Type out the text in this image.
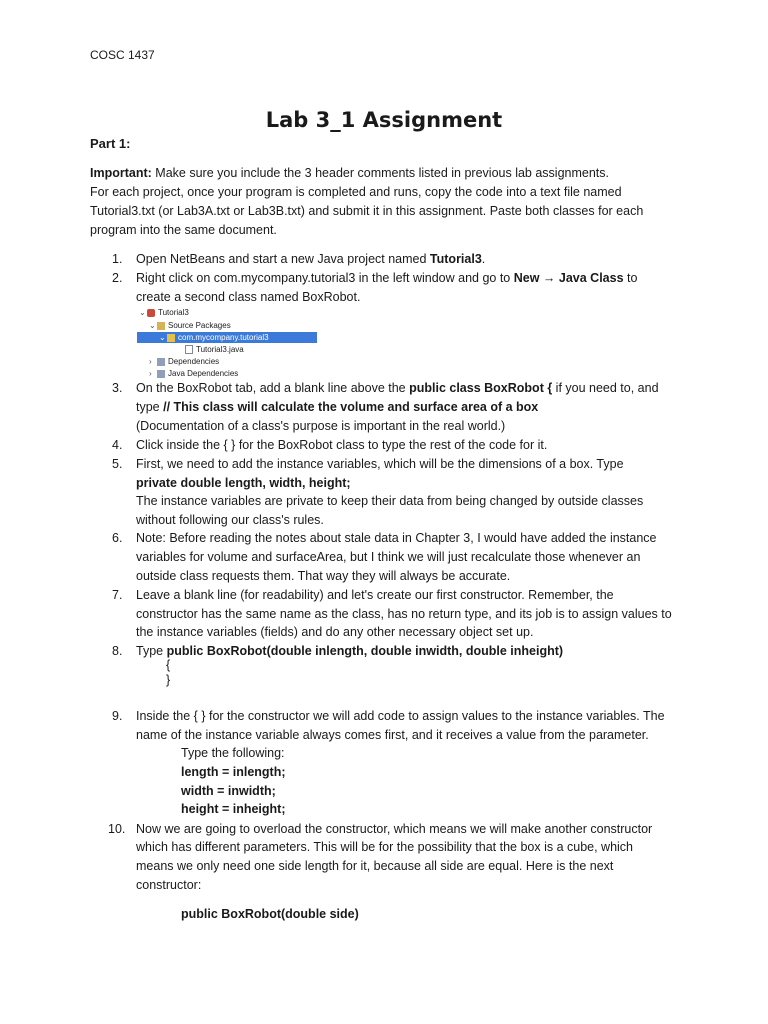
COSC 1437
Lab 3_1 Assignment
Part 1:
Important: Make sure you include the 3 header comments listed in previous lab assignments.
For each project, once your program is completed and runs, copy the code into a text file named
Tutorial3.txt (or Lab3A.txt or Lab3B.txt) and submit it in this assignment. Paste both classes for each
program into the same document.
1. Open NetBeans and start a new Java project named Tutorial3.
2. Right click on com.mycompany.tutorial3 in the left window and go to New → Java Class to
create a second class named BoxRobot.
⌄ Tutorial3
⌄ Source Packages
⌄ com.mycompany.tutorial3
Tutorial3.java
› Dependencies
› Java Dependencies
3. On the BoxRobot tab, add a blank line above the public class BoxRobot { if you need to, and
type // This class will calculate the volume and surface area of a box
(Documentation of a class's purpose is important in the real world.)
4. Click inside the { } for the BoxRobot class to type the rest of the code for it.
5. First, we need to add the instance variables, which will be the dimensions of a box. Type
private double length, width, height;
The instance variables are private to keep their data from being changed by outside classes
without following our class's rules.
6. Note: Before reading the notes about stale data in Chapter 3, I would have added the instance
variables for volume and surfaceArea, but I think we will just recalculate those whenever an
outside class requests them. That way they will always be accurate.
7. Leave a blank line (for readability) and let's create our first constructor. Remember, the
constructor has the same name as the class, has no return type, and its job is to assign values to
the instance variables (fields) and do any other necessary object set up.
8. Type public BoxRobot(double inlength, double inwidth, double inheight)
{
}
9. Inside the { } for the constructor we will add code to assign values to the instance variables. The
name of the instance variable always comes first, and it receives a value from the parameter.
Type the following:
length = inlength;
width = inwidth;
height = inheight;
10. Now we are going to overload the constructor, which means we will make another constructor
which has different parameters. This will be for the possibility that the box is a cube, which
means we only need one side length for it, because all side are equal. Here is the next
constructor:
public BoxRobot(double side)
